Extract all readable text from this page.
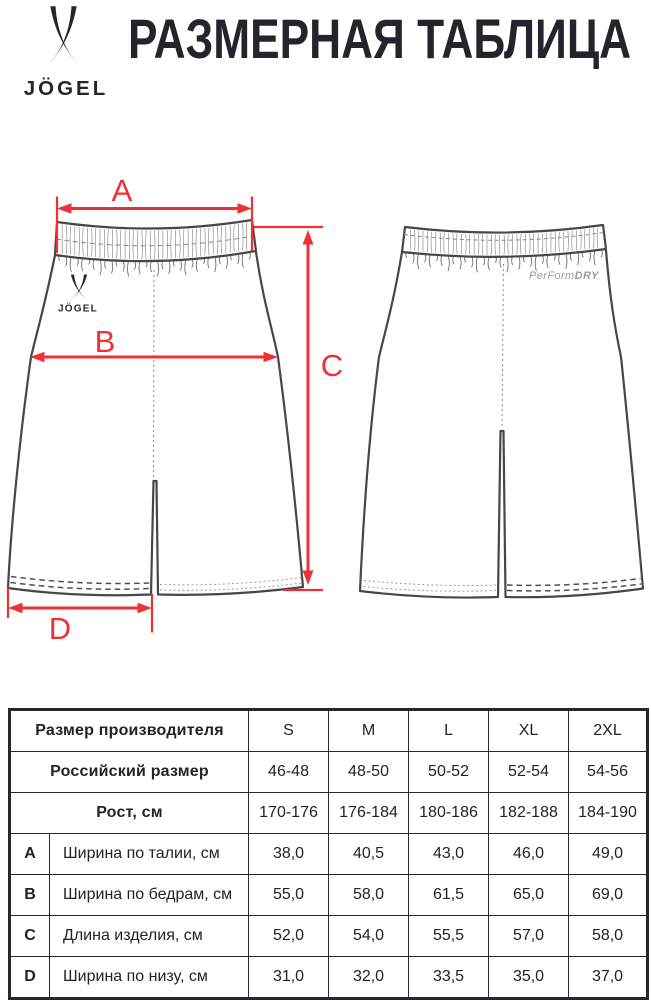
JÖGEL
РАЗМЕРНАЯ ТАБЛИЦА
JÖGEL
PerFormDRY
A
B
C
D
Размер производителя		S	M	L	XL	2XL
Российский размер		46-48	48-50	50-52	52-54	54-56
Рост, см		170-176	176-184	180-186	182-188	184-190
A	Ширина по талии, см	38,0	40,5	43,0	46,0	49,0
B	Ширина по бедрам, см	55,0	58,0	61,5	65,0	69,0
C	Длина изделия, см	52,0	54,0	55,5	57,0	58,0
D	Ширина по низу, см	31,0	32,0	33,5	35,0	37,0
